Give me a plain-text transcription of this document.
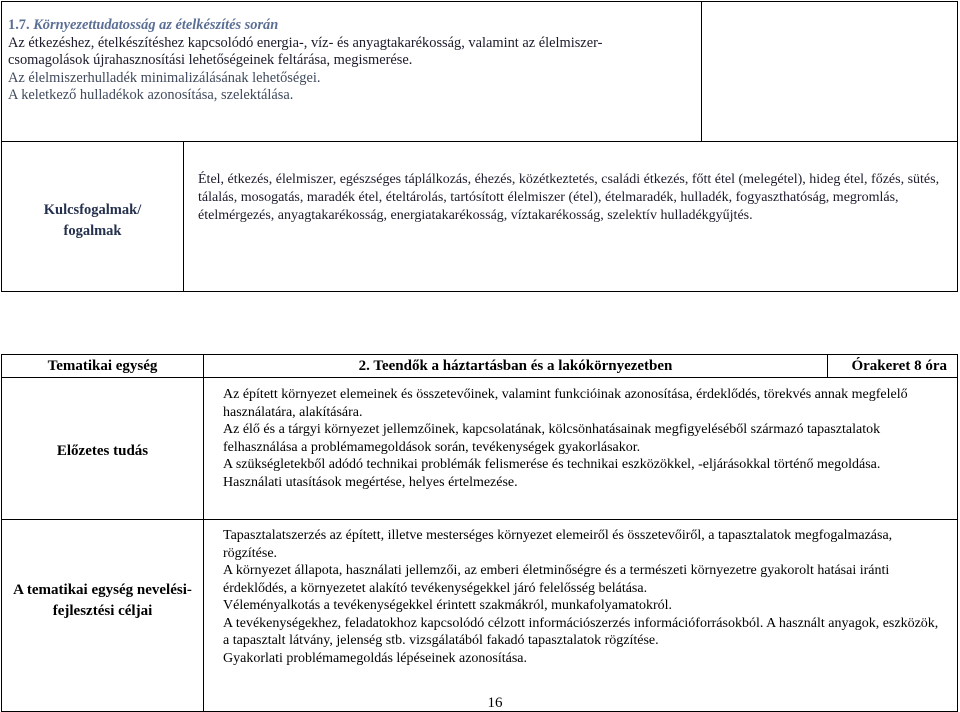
1.7. Környezettudatosság az ételkészítés során
Az étkezéshez, ételkészítéshez kapcsolódó energia-, víz- és anyagtakarékosság, valamint az élelmiszer-
csomagolások újrahasznosítási lehetőségeinek feltárása, megismerése.
Az élelmiszerhulladék minimalizálásának lehetőségei.
A keletkező hulladékok azonosítása, szelektálása.
Kulcsfogalmak/
fogalmak
Étel, étkezés, élelmiszer, egészséges táplálkozás, éhezés, közétkeztetés, családi étkezés, főtt étel (melegétel), hideg étel, főzés, sütés, tálalás, mosogatás, maradék étel, ételtárolás, tartósított élelmiszer (étel), ételmaradék, hulladék, fogyaszthatóság, megromlás, ételmérgezés, anyagtakarékosság, energiatakarékosság, víztakarékosság, szelektív hulladékgyűjtés.
Tematikai egység	2. Teendők a háztartásban és a lakókörnyezetben	Órakeret 8 óra
Előzetes tudás
Az épített környezet elemeinek és összetevőinek, valamint funkcióinak azonosítása, érdeklődés, törekvés annak megfelelő használatára, alakítására.
Az élő és a tárgyi környezet jellemzőinek, kapcsolatának, kölcsönhatásainak megfigyeléséből származó tapasztalatok felhasználása a problémamegoldások során, tevékenységek gyakorlásakor.
A szükségletekből adódó technikai problémák felismerése és technikai eszközökkel, -eljárásokkal történő megoldása.
Használati utasítások megértése, helyes értelmezése.
A tematikai egység nevelési-
fejlesztési céljai
Tapasztalatszerzés az épített, illetve mesterséges környezet elemeiről és összetevőiről, a tapasztalatok megfogalmazása, rögzítése.
A környezet állapota, használati jellemzői, az emberi életminőségre és a természeti környezetre gyakorolt hatásai iránti érdeklődés, a környezetet alakító tevékenységekkel járó felelősség belátása.
Véleményalkotás a tevékenységekkel érintett szakmákról, munkafolyamatokról.
A tevékenységekhez, feladatokhoz kapcsolódó célzott információszerzés információforrásokból. A használt anyagok, eszközök, a tapasztalt látvány, jelenség stb. vizsgálatából fakadó tapasztalatok rögzítése.
Gyakorlati problémamegoldás lépéseinek azonosítása.
16
